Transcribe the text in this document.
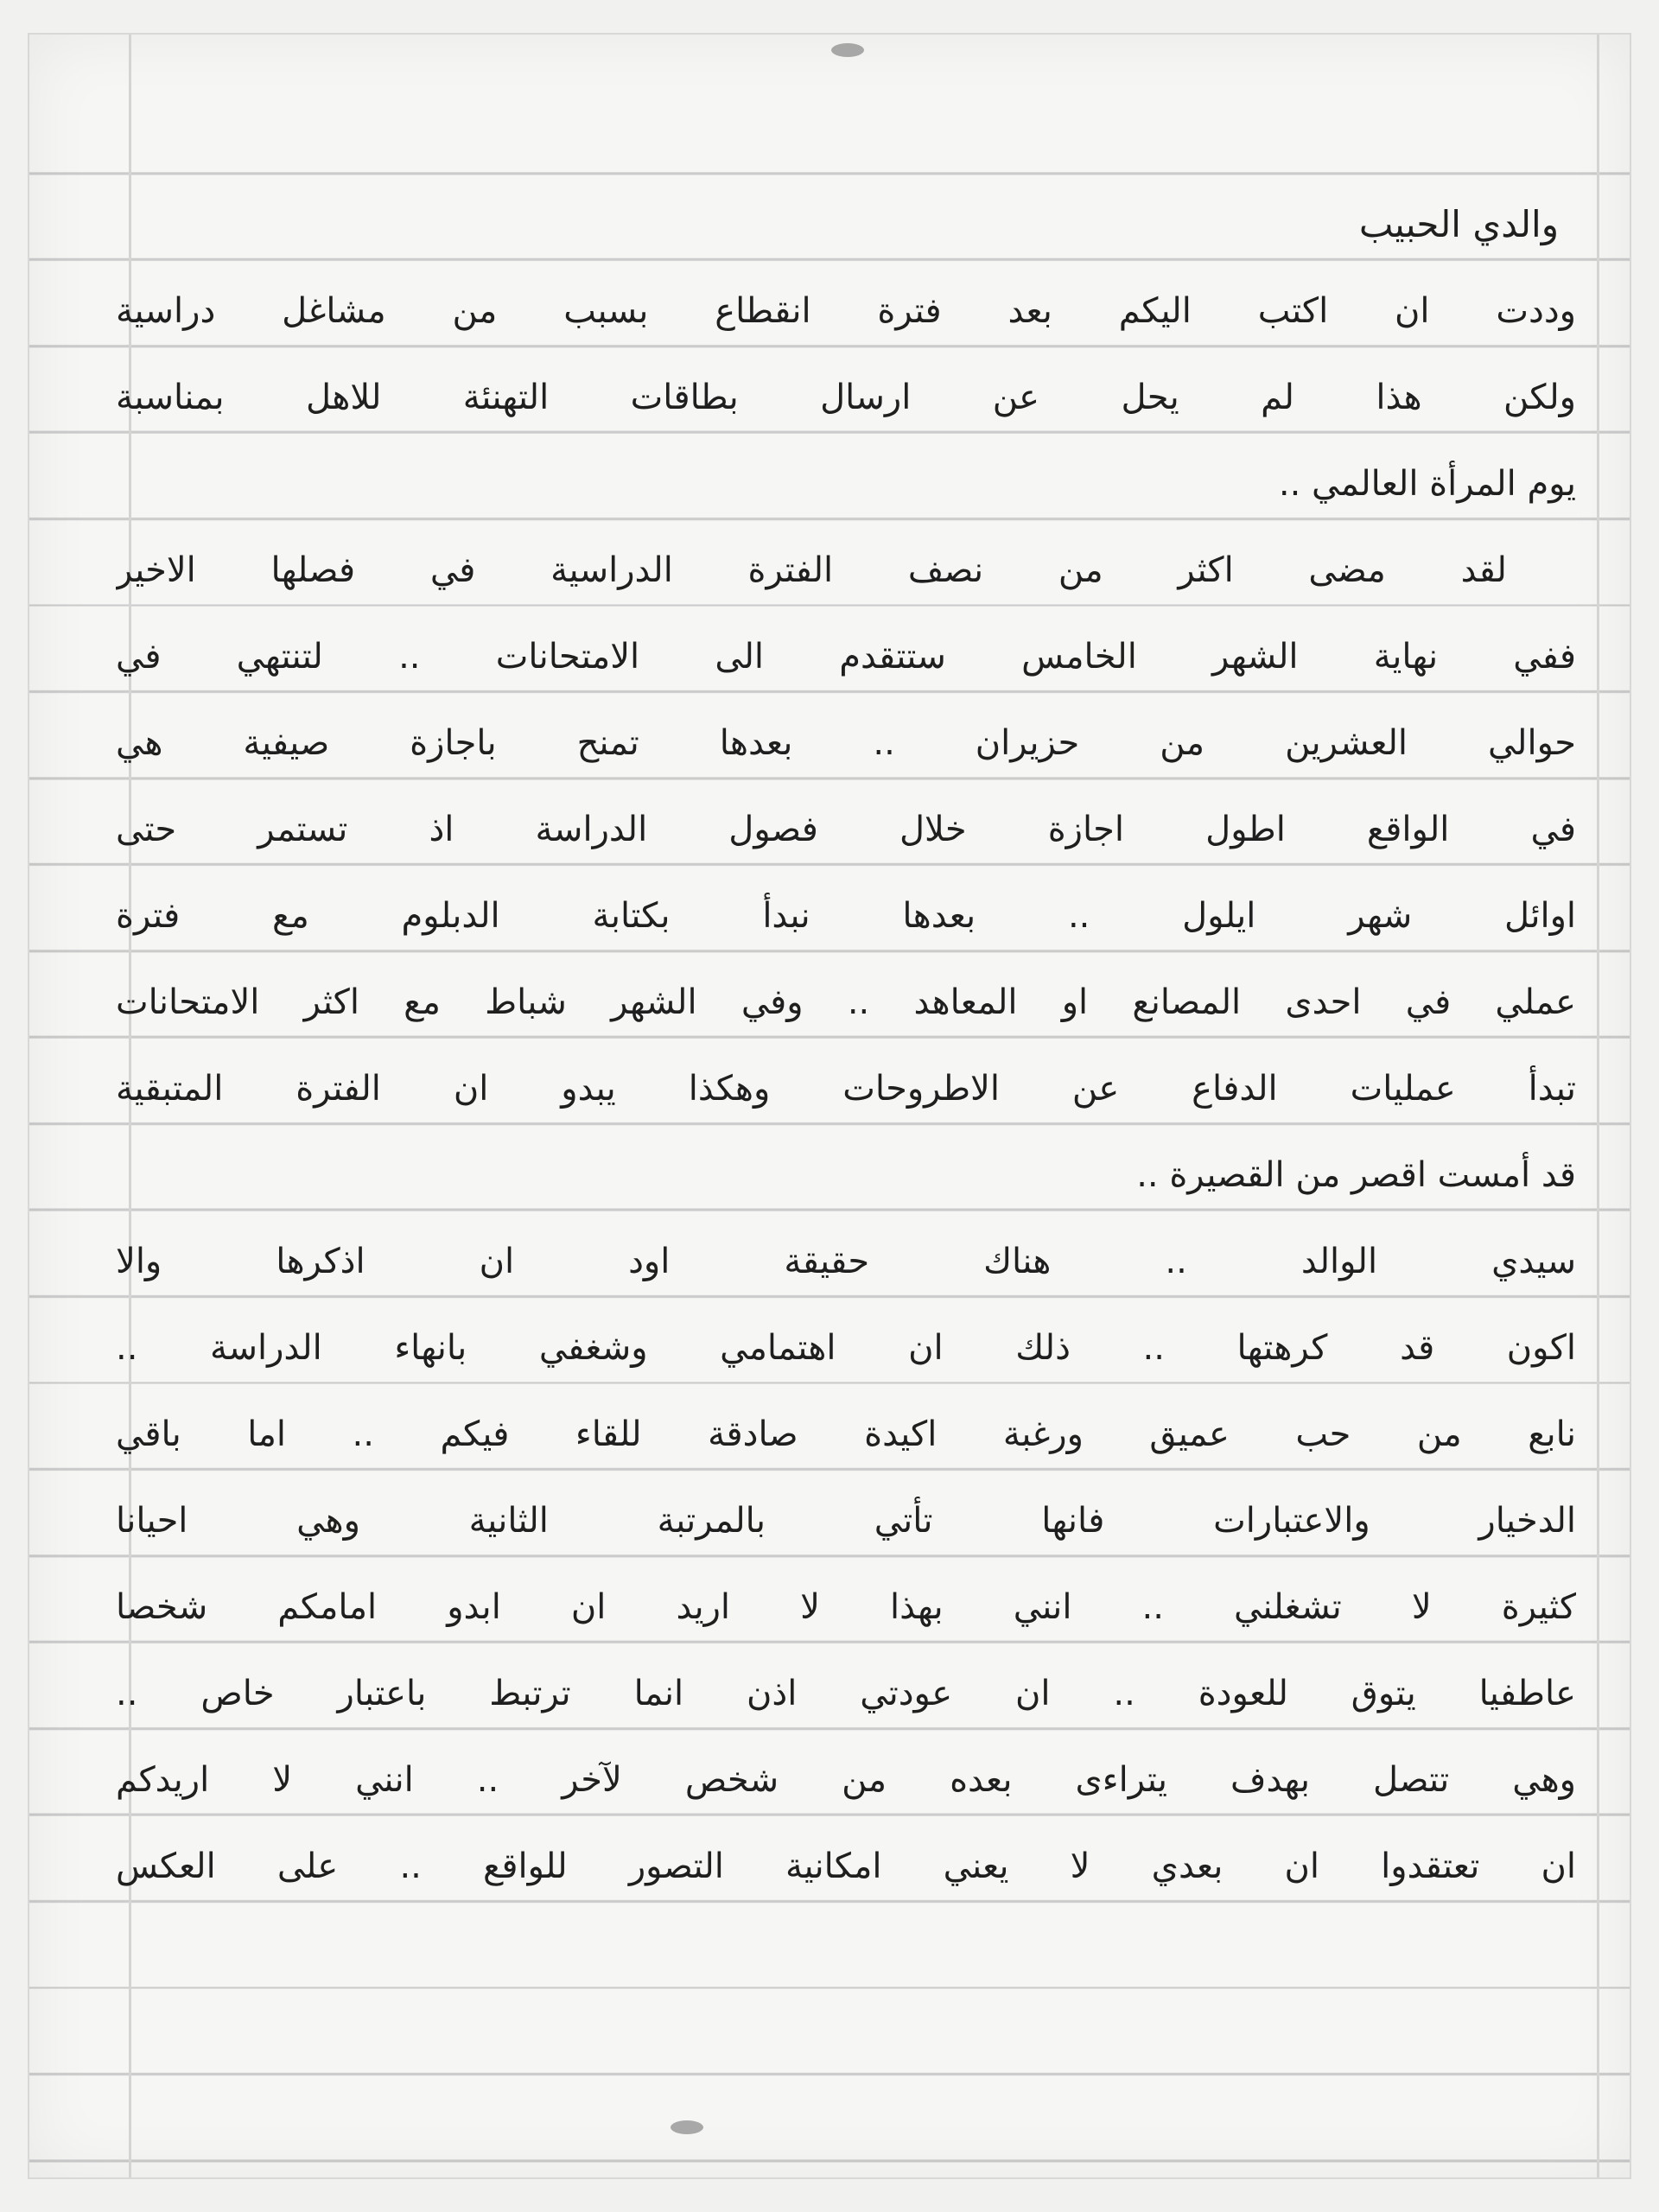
والدي الحبيب
وددت ان اكتب اليكم بعد فترة انقطاع بسبب من مشاغل دراسية
ولكن هذا لم يحل عن ارسال بطاقات التهنئة للاهل بمناسبة
يوم المرأة العالمي ..
لقد مضى اكثر من نصف الفترة الدراسية في فصلها الاخير
ففي نهاية الشهر الخامس ستتقدم الى الامتحانات .. لتنتهي في
حوالي العشرين من حزيران .. بعدها تمنح باجازة صيفية هي
في الواقع اطول اجازة خلال فصول الدراسة اذ تستمر حتى
اوائل شهر ايلول .. بعدها نبدأ بكتابة الدبلوم مع فترة
عملي في احدى المصانع او المعاهد .. وفي الشهر شباط مع اكثر الامتحانات
تبدأ عمليات الدفاع عن الاطروحات وهكذا يبدو ان الفترة المتبقية
قد أمست اقصر من القصيرة ..
سيدي الوالد .. هناك حقيقة اود ان اذكرها والا
اكون قد كرهتها .. ذلك ان اهتمامي وشغفي بانهاء الدراسة ..
نابع من حب عميق ورغبة اكيدة صادقة للقاء فيكم .. اما باقي
الدخيار والاعتبارات فانها تأتي بالمرتبة الثانية وهي احيانا
كثيرة لا تشغلني .. انني بهذا لا اريد ان ابدو امامكم شخصا
عاطفيا يتوق للعودة .. ان عودتي اذن انما ترتبط باعتبار خاص ..
وهي تتصل بهدف يتراءى بعده من شخص لآخر .. انني لا اريدكم
ان تعتقدوا ان بعدي لا يعني امكانية التصور للواقع .. على العكس
